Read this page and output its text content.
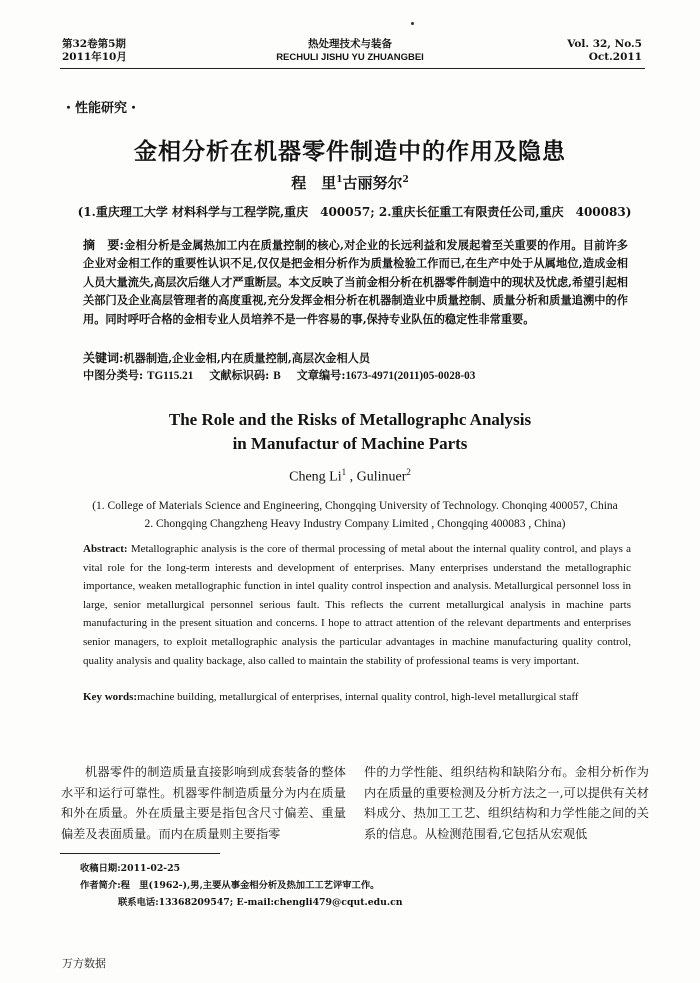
第32卷第5期
2011年10月
热处理技术与装备
RECHULI JISHU YU ZHUANGBEI
Vol. 32, No.5
Oct.2011
・性能研究・
金相分析在机器零件制造中的作用及隐患
程　里$^1$古丽努尔$^2$
(1.重庆理工大学 材料科学与工程学院,重庆　400057; 2.重庆长征重工有限责任公司,重庆　400083)

摘　要:金相分析是金属热加工内在质量控制的核心,对企业的长远利益和发展起着至关重要的作用。目前许多企业对金相工作的重要性认识不足,仅仅是把金相分析作为质量检验工作而已,在生产中处于从属地位,造成金相人员大量流失,高层次后继人才严重断层。本文反映了当前金相分析在机器零件制造中的现状及忧虑,希望引起相关部门及企业高层管理者的高度重视,充分发挥金相分析在机器制造业中质量控制、质量分析和质量追溯中的作用。同时呼吁合格的金相专业人员培养不是一件容易的事,保持专业队伍的稳定性非常重要。

关键词:机器制造,企业金相,内在质量控制,高层次金相人员
中图分类号: TG115.21 文献标识码: B 文章编号:1673-4971(2011)05-0028-03
The Role and the Risks of Metallographc Analysis
in Manufactur of Machine Parts
Cheng Li$^1$ , Gulinuer$^2$
(1. College of Materials Science and Engineering, Chongqing University of Technology. Chonqing 400057, China
2. Chongqing Changzheng Heavy Industry Company Limited , Chongqing 400083 , China)

Abstract: Metallographic analysis is the core of thermal processing of metal about the internal quality control, and plays a vital role for the long-term interests and development of enterprises. Many enterprises understand the metallographic importance, weaken metallographic function in intel quality control inspection and analysis. Metallurgical personnel loss in large, senior metallurgical personnel serious fault. This reflects the current metallurgical analysis in machine parts manufacturing in the present situation and concerns. I hope to attract attention of the relevant departments and enterprises senior managers, to exploit metallographic analysis the particular advantages in machine manufacturing quality control, quality analysis and quality backage, also called to maintain the stability of professional teams is very important.

Key words:machine building, metallurgical of enterprises, internal quality control, high-level metallurgical staff

机器零件的制造质量直接影响到成套装备的整体水平和运行可靠性。机器零件制造质量分为内在质量和外在质量。外在质量主要是指包含尺寸偏差、重量偏差及表面质量。而内在质量则主要指零

件的力学性能、组织结构和缺陷分布。金相分析作为内在质量的重要检测及分析方法之一,可以提供有关材料成分、热加工工艺、组织结构和力学性能之间的关系的信息。从检测范围看,它包括从宏观低

收稿日期:2011-02-25
作者简介:程　里(1962-),男,主要从事金相分析及热加工工艺评审工作。
联系电话:13368209547; E-mail:chengli479@cqut.edu.cn
万方数据
